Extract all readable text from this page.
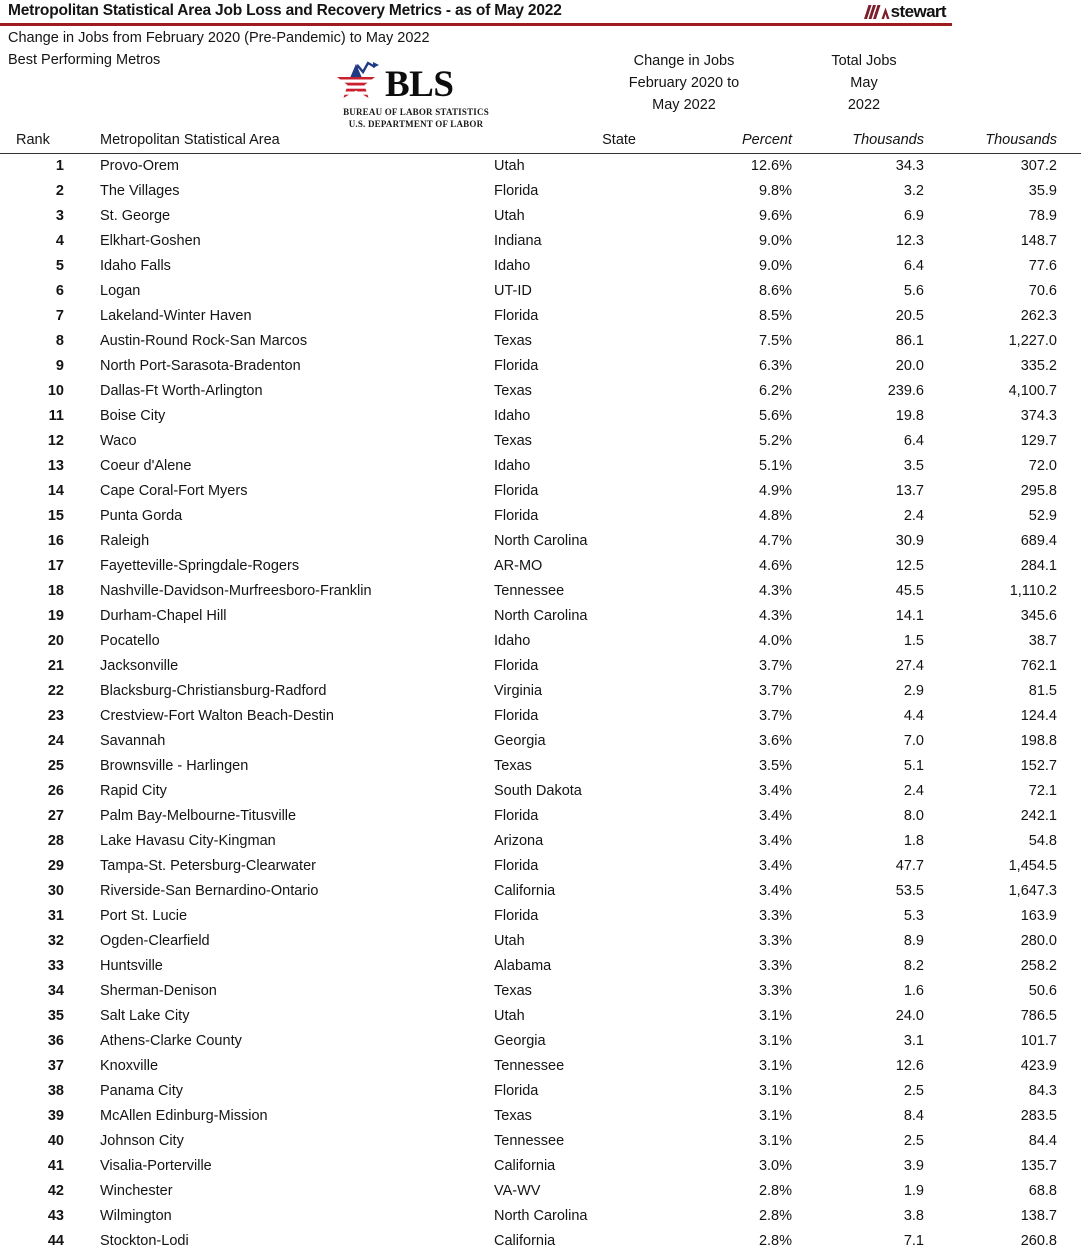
Metropolitan Statistical Area Job Loss and Recovery Metrics - as of May 2022	stewart
Change in Jobs from February 2020 (Pre-Pandemic) to May 2022
Best Performing Metros
BLS
BUREAU OF LABOR STATISTICS
U.S. DEPARTMENT OF LABOR
Change in Jobs
February 2020 to
May 2022
Total Jobs
May
2022
Rank	Metropolitan Statistical Area	State	Percent	Thousands	Thousands
1	Provo-Orem	Utah	12.6%	34.3	307.2
2	The Villages	Florida	9.8%	3.2	35.9
3	St. George	Utah	9.6%	6.9	78.9
4	Elkhart-Goshen	Indiana	9.0%	12.3	148.7
5	Idaho Falls	Idaho	9.0%	6.4	77.6
6	Logan	UT-ID	8.6%	5.6	70.6
7	Lakeland-Winter Haven	Florida	8.5%	20.5	262.3
8	Austin-Round Rock-San Marcos	Texas	7.5%	86.1	1,227.0
9	North Port-Sarasota-Bradenton	Florida	6.3%	20.0	335.2
10	Dallas-Ft Worth-Arlington	Texas	6.2%	239.6	4,100.7
11	Boise City	Idaho	5.6%	19.8	374.3
12	Waco	Texas	5.2%	6.4	129.7
13	Coeur d'Alene	Idaho	5.1%	3.5	72.0
14	Cape Coral-Fort Myers	Florida	4.9%	13.7	295.8
15	Punta Gorda	Florida	4.8%	2.4	52.9
16	Raleigh	North Carolina	4.7%	30.9	689.4
17	Fayetteville-Springdale-Rogers	AR-MO	4.6%	12.5	284.1
18	Nashville-Davidson-Murfreesboro-Franklin	Tennessee	4.3%	45.5	1,110.2
19	Durham-Chapel Hill	North Carolina	4.3%	14.1	345.6
20	Pocatello	Idaho	4.0%	1.5	38.7
21	Jacksonville	Florida	3.7%	27.4	762.1
22	Blacksburg-Christiansburg-Radford	Virginia	3.7%	2.9	81.5
23	Crestview-Fort Walton Beach-Destin	Florida	3.7%	4.4	124.4
24	Savannah	Georgia	3.6%	7.0	198.8
25	Brownsville - Harlingen	Texas	3.5%	5.1	152.7
26	Rapid City	South Dakota	3.4%	2.4	72.1
27	Palm Bay-Melbourne-Titusville	Florida	3.4%	8.0	242.1
28	Lake Havasu City-Kingman	Arizona	3.4%	1.8	54.8
29	Tampa-St. Petersburg-Clearwater	Florida	3.4%	47.7	1,454.5
30	Riverside-San Bernardino-Ontario	California	3.4%	53.5	1,647.3
31	Port St. Lucie	Florida	3.3%	5.3	163.9
32	Ogden-Clearfield	Utah	3.3%	8.9	280.0
33	Huntsville	Alabama	3.3%	8.2	258.2
34	Sherman-Denison	Texas	3.3%	1.6	50.6
35	Salt Lake City	Utah	3.1%	24.0	786.5
36	Athens-Clarke County	Georgia	3.1%	3.1	101.7
37	Knoxville	Tennessee	3.1%	12.6	423.9
38	Panama City	Florida	3.1%	2.5	84.3
39	McAllen Edinburg-Mission	Texas	3.1%	8.4	283.5
40	Johnson City	Tennessee	3.1%	2.5	84.4
41	Visalia-Porterville	California	3.0%	3.9	135.7
42	Winchester	VA-WV	2.8%	1.9	68.8
43	Wilmington	North Carolina	2.8%	3.8	138.7
44	Stockton-Lodi	California	2.8%	7.1	260.8
